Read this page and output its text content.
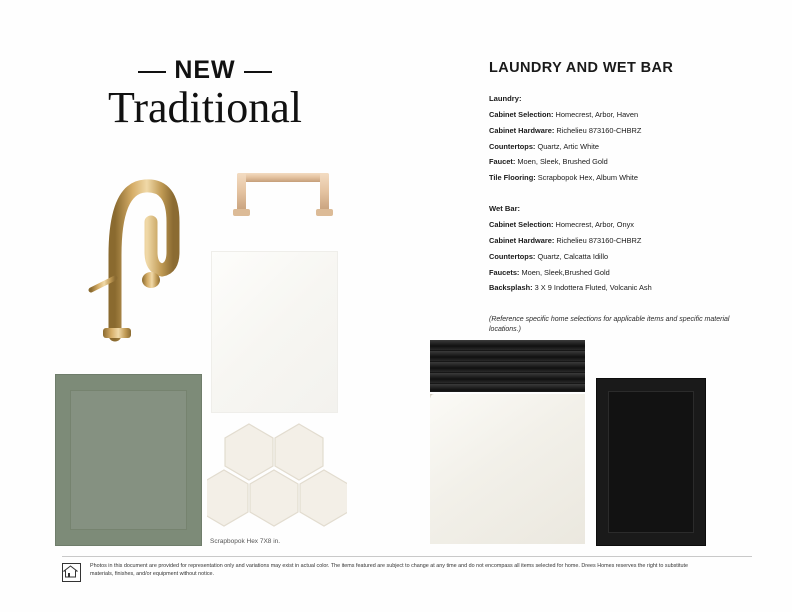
NEW
Traditional
LAUNDRY AND WET BAR
Laundry:
Cabinet Selection: Homecrest, Arbor, Haven
Cabinet Hardware: Richelieu 873160-CHBRZ
Countertops: Quartz, Artic White
Faucet: Moen, Sleek, Brushed Gold
Tile Flooring: Scrapbopok Hex, Album White
Wet Bar:
Cabinet Selection: Homecrest, Arbor, Onyx
Cabinet Hardware: Richelieu 873160-CHBRZ
Countertops: Quartz, Calcatta Idillo
Faucets: Moen, Sleek,Brushed Gold
Backsplash: 3 X 9 Indottera Fluted, Volcanic Ash
(Reference specific home selections for applicable items and specific material locations.)
Scrapbopok Hex 7X8 in.
Photos in this document are provided for representation only and variations may exist in actual color. The items featured are subject to change at any time and do not encompass all items selected for home. Drees Homes reserves the right to substitute materials, finishes, and/or equipment without notice.
